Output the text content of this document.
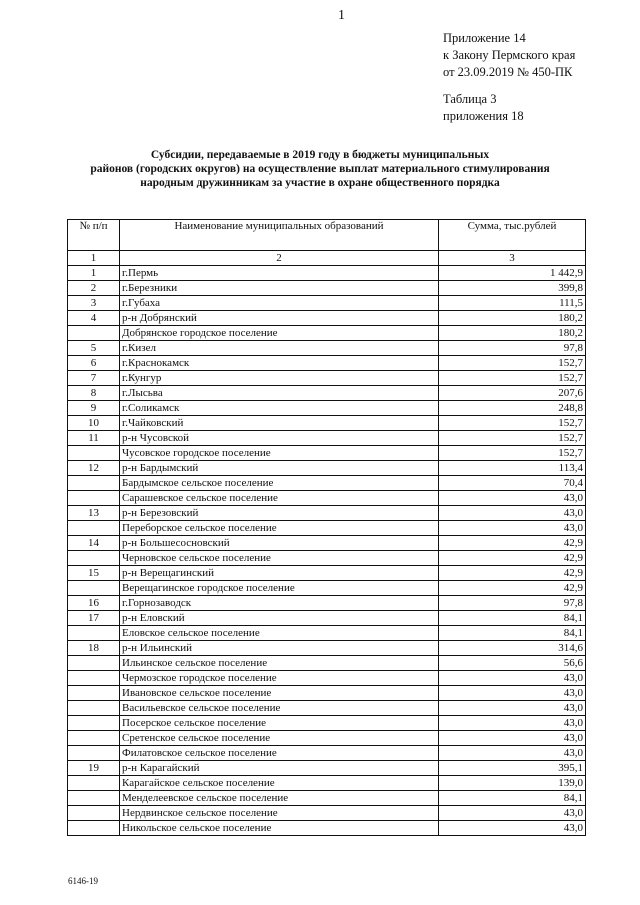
1
Приложение 14
к Закону Пермского края
от 23.09.2019 № 450-ПК
Таблица 3
приложения 18
Субсидии, передаваемые в 2019 году в бюджеты муниципальных
районов (городских округов) на осуществление выплат материального стимулирования
народным дружинникам за участие в охране общественного порядка
№ п/п	Наименование муниципальных образований	Сумма, тыс.рублей
1	2	3
1	г.Пермь	1 442,9
2	г.Березники	399,8
3	г.Губаха	111,5
4	р-н Добрянский	180,2
	Добрянское городское поселение	180,2
5	г.Кизел	97,8
6	г.Краснокамск	152,7
7	г.Кунгур	152,7
8	г.Лысьва	207,6
9	г.Соликамск	248,8
10	г.Чайковский	152,7
11	р-н Чусовской	152,7
	Чусовское городское поселение	152,7
12	р-н Бардымский	113,4
	Бардымское сельское поселение	70,4
	Сарашевское сельское поселение	43,0
13	р-н Березовский	43,0
	Переборское сельское поселение	43,0
14	р-н Большесосновский	42,9
	Черновское сельское поселение	42,9
15	р-н Верещагинский	42,9
	Верещагинское городское поселение	42,9
16	г.Горнозаводск	97,8
17	р-н Еловский	84,1
	Еловское сельское поселение	84,1
18	р-н Ильинский	314,6
	Ильинское сельское поселение	56,6
	Чермозское городское поселение	43,0
	Ивановское сельское поселение	43,0
	Васильевское сельское поселение	43,0
	Посерское сельское поселение	43,0
	Сретенское сельское поселение	43,0
	Филатовское сельское поселение	43,0
19	р-н Карагайский	395,1
	Карагайское сельское поселение	139,0
	Менделеевское сельское поселение	84,1
	Нердвинское сельское поселение	43,0
	Никольское сельское поселение	43,0
6146-19
